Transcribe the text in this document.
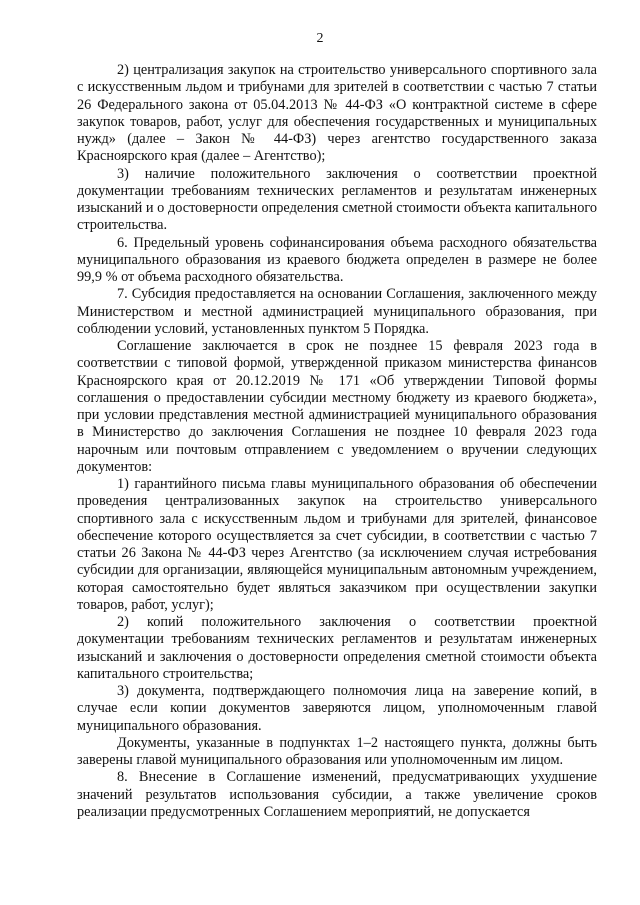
2

2) централизация закупок на строительство универсального спортивного зала с искусственным льдом и трибунами для зрителей в соответствии с частью 7 статьи 26 Федерального закона от 05.04.2013 № 44-ФЗ «О контрактной системе в сфере закупок товаров, работ, услуг для обеспечения государственных и муниципальных нужд» (далее – Закон № 44-ФЗ) через агентство государственного заказа Красноярского края (далее – Агентство);

3) наличие положительного заключения о соответствии проектной документации требованиям технических регламентов и результатам инженерных изысканий и о достоверности определения сметной стоимости объекта капитального строительства.

6. Предельный уровень софинансирования объема расходного обязательства муниципального образования из краевого бюджета определен в размере не более 99,9 % от объема расходного обязательства.

7. Субсидия предоставляется на основании Соглашения, заключенного между Министерством и местной администрацией муниципального образования, при соблюдении условий, установленных пунктом 5 Порядка.

Соглашение заключается в срок не позднее 15 февраля 2023 года в соответствии с типовой формой, утвержденной приказом министерства финансов Красноярского края от 20.12.2019 № 171 «Об утверждении Типовой формы соглашения о предоставлении субсидии местному бюджету из краевого бюджета», при условии представления местной администрацией муниципального образования в Министерство до заключения Соглашения не позднее 10 февраля 2023 года нарочным или почтовым отправлением с уведомлением о вручении следующих документов:

1) гарантийного письма главы муниципального образования об обеспечении проведения централизованных закупок на строительство универсального спортивного зала с искусственным льдом и трибунами для зрителей, финансовое обеспечение которого осуществляется за счет субсидии, в соответствии с частью 7 статьи 26 Закона № 44-ФЗ через Агентство (за исключением случая истребования субсидии для организации, являющейся муниципальным автономным учреждением, которая самостоятельно будет являться заказчиком при осуществлении закупки товаров, работ, услуг);

2) копий положительного заключения о соответствии проектной документации требованиям технических регламентов и результатам инженерных изысканий и заключения о достоверности определения сметной стоимости объекта капитального строительства;

3) документа, подтверждающего полномочия лица на заверение копий, в случае если копии документов заверяются лицом, уполномоченным главой муниципального образования.

Документы, указанные в подпунктах 1–2 настоящего пункта, должны быть заверены главой муниципального образования или уполномоченным им лицом.

8. Внесение в Соглашение изменений, предусматривающих ухудшение значений результатов использования субсидии, а также увеличение сроков реализации предусмотренных Соглашением мероприятий, не допускается
